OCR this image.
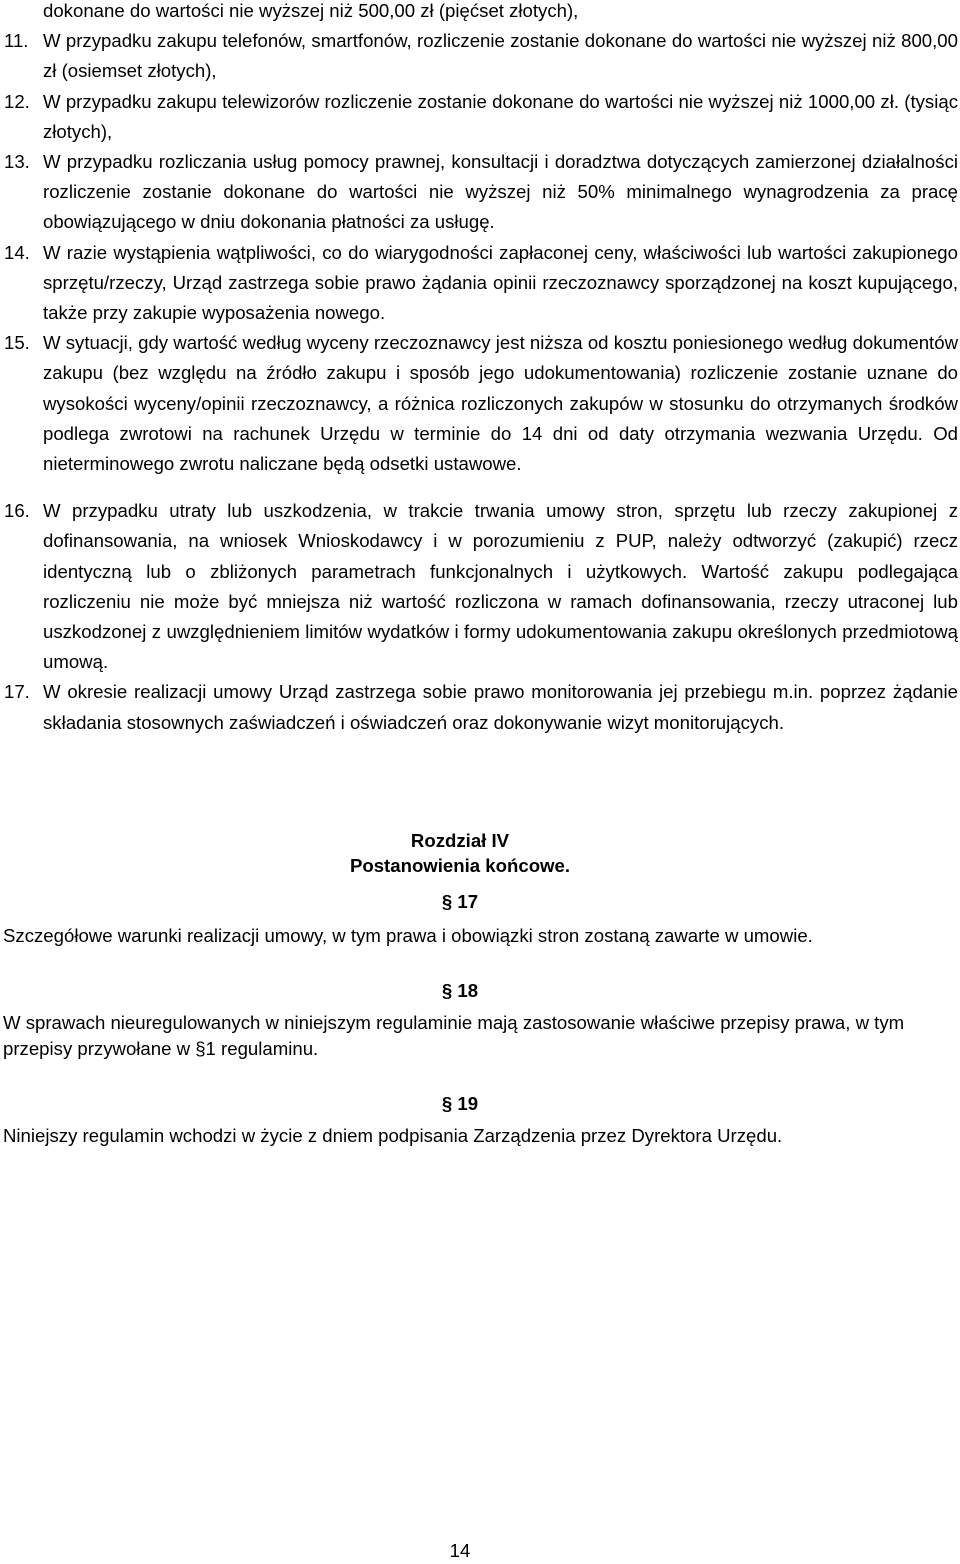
dokonane do wartości nie wyższej niż 500,00 zł (pięćset złotych),
11. W przypadku zakupu telefonów, smartfonów, rozliczenie zostanie dokonane do wartości nie wyższej niż 800,00 zł (osiemset złotych),
12. W przypadku zakupu telewizorów rozliczenie zostanie dokonane do wartości nie wyższej niż 1000,00 zł. (tysiąc złotych),
13. W przypadku rozliczania usług pomocy prawnej, konsultacji i doradztwa dotyczących zamierzonej działalności rozliczenie zostanie dokonane do wartości nie wyższej niż 50% minimalnego wynagrodzenia za pracę obowiązującego w dniu dokonania płatności za usługę.
14. W razie wystąpienia wątpliwości, co do wiarygodności zapłaconej ceny, właściwości lub wartości zakupionego sprzętu/rzeczy, Urząd zastrzega sobie prawo żądania opinii rzeczoznawcy sporządzonej na koszt kupującego, także przy zakupie wyposażenia nowego.
15. W sytuacji, gdy wartość według wyceny rzeczoznawcy jest niższa od kosztu poniesionego według dokumentów zakupu (bez względu na źródło zakupu i sposób jego udokumentowania) rozliczenie zostanie uznane do wysokości wyceny/opinii rzeczoznawcy, a różnica rozliczonych zakupów w stosunku do otrzymanych środków podlega zwrotowi na rachunek Urzędu w terminie do 14 dni od daty otrzymania wezwania Urzędu. Od nieterminowego zwrotu naliczane będą odsetki ustawowe.
16. W przypadku utraty lub uszkodzenia, w trakcie trwania umowy stron, sprzętu lub rzeczy zakupionej z dofinansowania, na wniosek Wnioskodawcy i w porozumieniu z PUP, należy odtworzyć (zakupić) rzecz identyczną lub o zbliżonych parametrach funkcjonalnych i użytkowych. Wartość zakupu podlegająca rozliczeniu nie może być mniejsza niż wartość rozliczona w ramach dofinansowania, rzeczy utraconej lub uszkodzonej z uwzględnieniem limitów wydatków i formy udokumentowania zakupu określonych przedmiotową umową.
17. W okresie realizacji umowy Urząd zastrzega sobie prawo monitorowania jej przebiegu m.in. poprzez żądanie składania stosownych zaświadczeń i oświadczeń oraz dokonywanie wizyt monitorujących.
Rozdział IV
Postanowienia końcowe.
§ 17
Szczegółowe warunki realizacji umowy, w tym prawa i obowiązki stron zostaną zawarte w umowie.
§ 18
W sprawach nieuregulowanych w niniejszym regulaminie mają zastosowanie właściwe przepisy prawa, w tym przepisy przywołane w §1 regulaminu.
§ 19
Niniejszy regulamin wchodzi w życie z dniem podpisania Zarządzenia przez Dyrektora Urzędu.
14
